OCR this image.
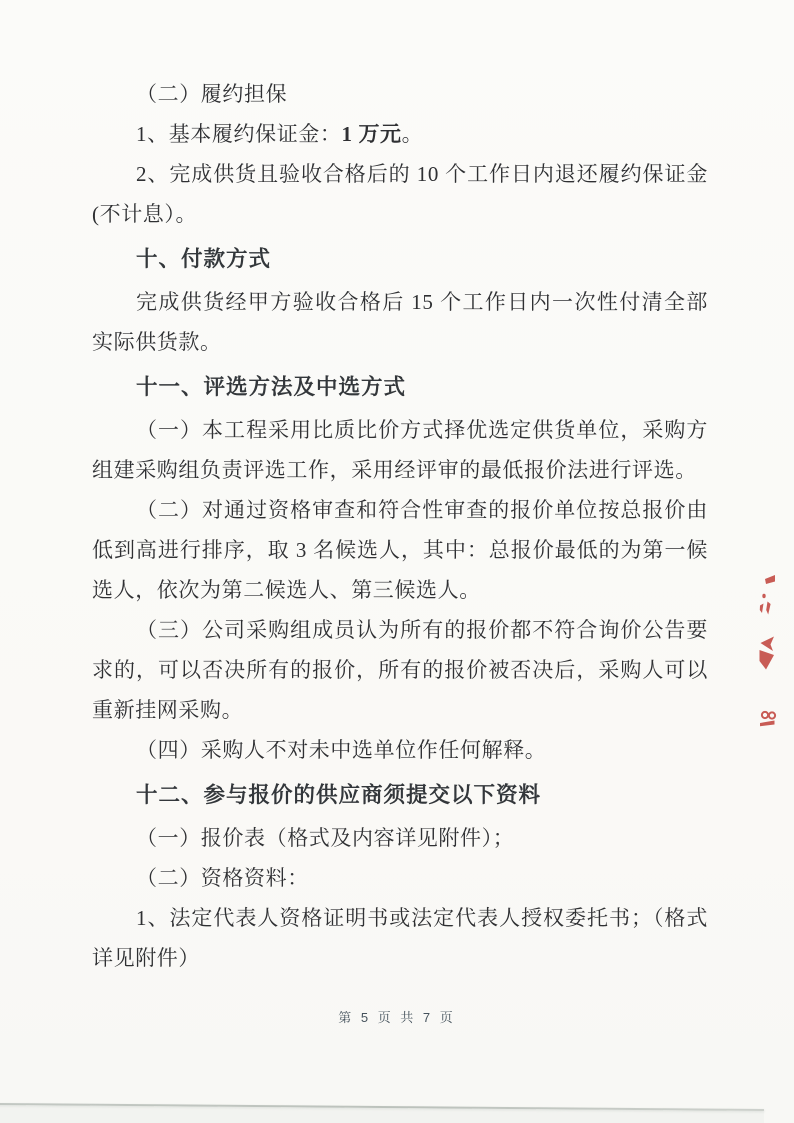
（二）履约担保

1、基本履约保证金：1 万元。

2、完成供货且验收合格后的 10 个工作日内退还履约保证金(不计息）。

十、付款方式

完成供货经甲方验收合格后 15 个工作日内一次性付清全部实际供货款。

十一、评选方法及中选方式

（一）本工程采用比质比价方式择优选定供货单位，采购方组建采购组负责评选工作，采用经评审的最低报价法进行评选。

（二）对通过资格审查和符合性审查的报价单位按总报价由低到高进行排序，取 3 名候选人，其中：总报价最低的为第一候选人，依次为第二候选人、第三候选人。

（三）公司采购组成员认为所有的报价都不符合询价公告要求的，可以否决所有的报价，所有的报价被否决后，采购人可以重新挂网采购。

（四）采购人不对未中选单位作任何解释。

十二、参与报价的供应商须提交以下资料

（一）报价表（格式及内容详见附件）；

（二）资格资料：

1、法定代表人资格证明书或法定代表人授权委托书；（格式详见附件）

第 5 页 共 7 页
